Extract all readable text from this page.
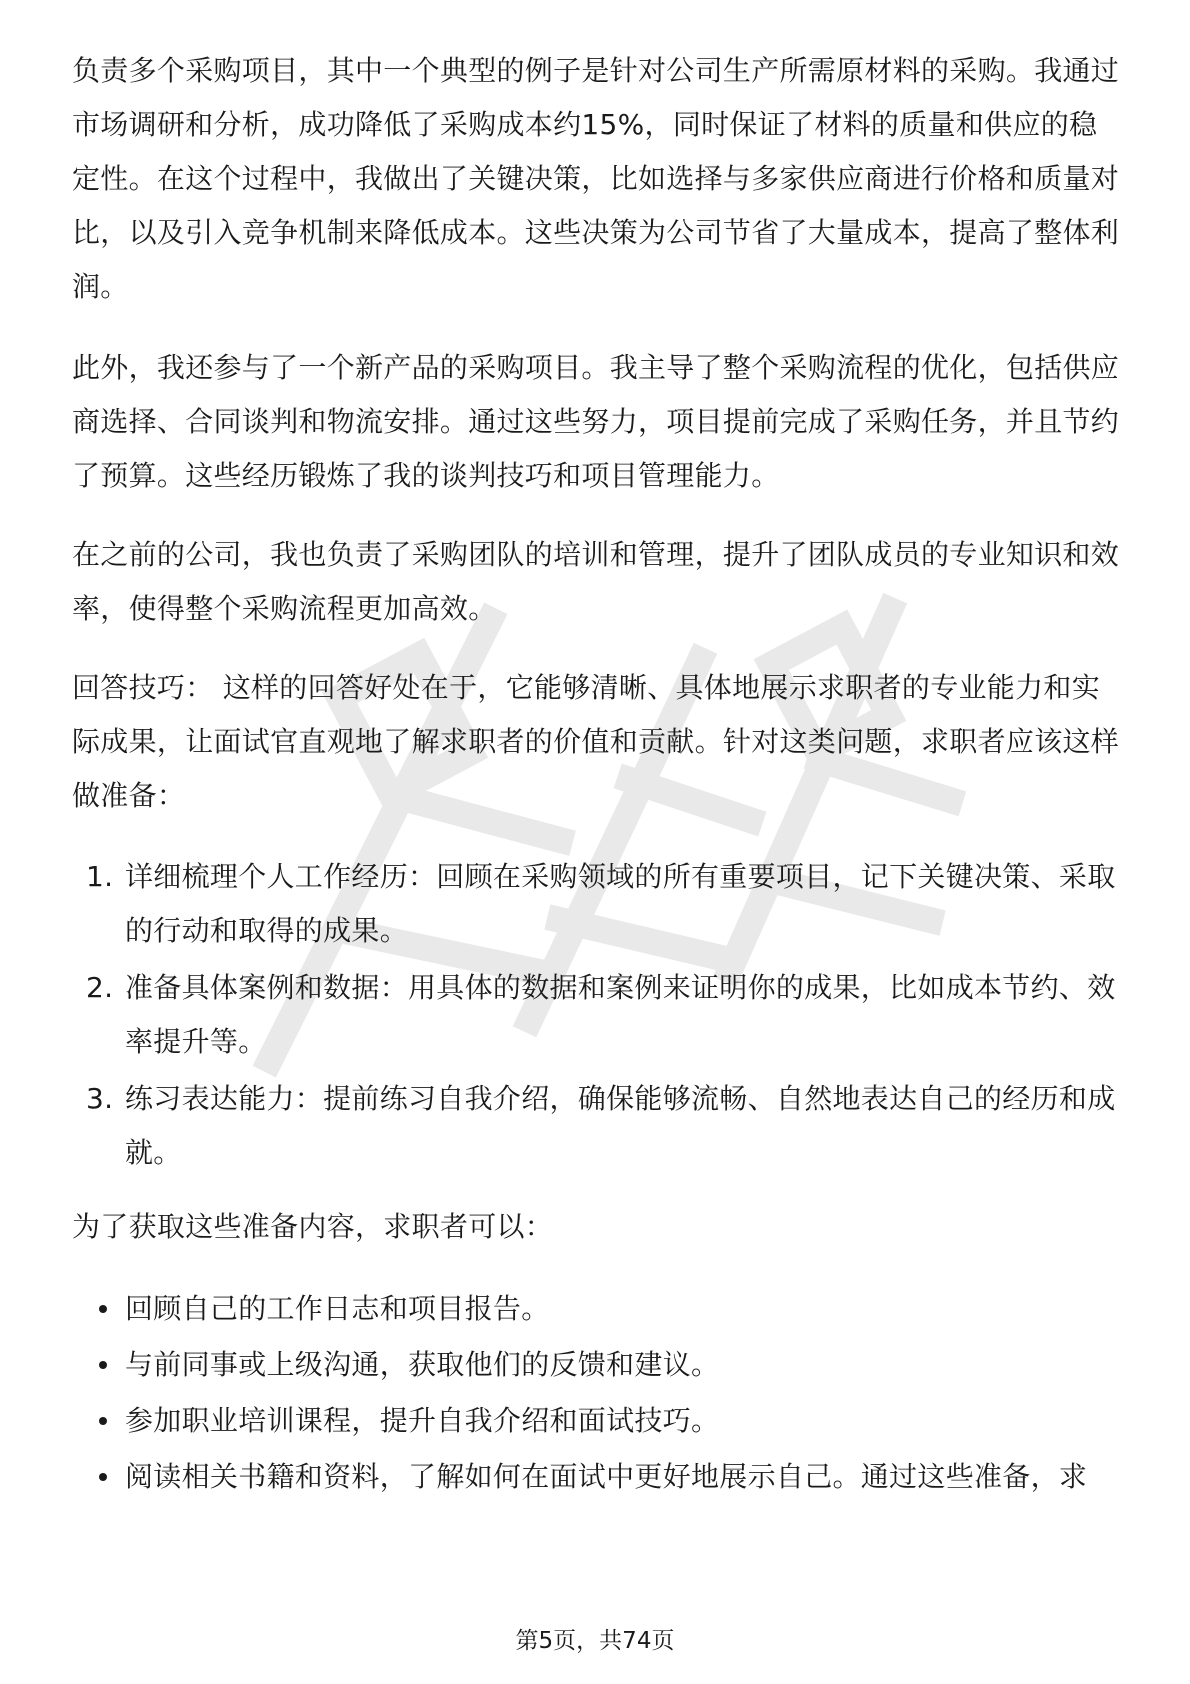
负责多个采购项目，其中一个典型的例子是针对公司生产所需原材料的采购。我通过市场调研和分析，成功降低了采购成本约15%，同时保证了材料的质量和供应的稳定性。在这个过程中，我做出了关键决策，比如选择与多家供应商进行价格和质量对比，以及引入竞争机制来降低成本。这些决策为公司节省了大量成本，提高了整体利润。

此外，我还参与了一个新产品的采购项目。我主导了整个采购流程的优化，包括供应商选择、合同谈判和物流安排。通过这些努力，项目提前完成了采购任务，并且节约了预算。这些经历锻炼了我的谈判技巧和项目管理能力。

在之前的公司，我也负责了采购团队的培训和管理，提升了团队成员的专业知识和效率，使得整个采购流程更加高效。

回答技巧： 这样的回答好处在于，它能够清晰、具体地展示求职者的专业能力和实际成果，让面试官直观地了解求职者的价值和贡献。针对这类问题，求职者应该这样做准备：

1. 详细梳理个人工作经历：回顾在采购领域的所有重要项目，记下关键决策、采取的行动和取得的成果。
2. 准备具体案例和数据：用具体的数据和案例来证明你的成果，比如成本节约、效率提升等。
3. 练习表达能力：提前练习自我介绍，确保能够流畅、自然地表达自己的经历和成就。

为了获取这些准备内容，求职者可以：

回顾自己的工作日志和项目报告。
与前同事或上级沟通，获取他们的反馈和建议。
参加职业培训课程，提升自我介绍和面试技巧。
阅读相关书籍和资料，了解如何在面试中更好地展示自己。通过这些准备，求
第5页，共74页
